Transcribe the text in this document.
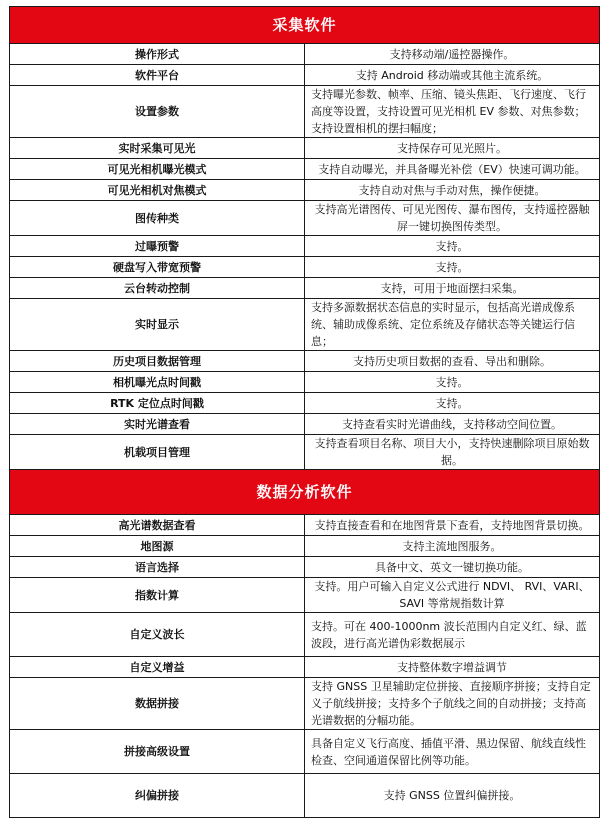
采集软件	
操作形式	支持移动端/遥控器操作。
软件平台	支持 Android 移动端或其他主流系统。
设置参数	支持曝光参数、帧率、压缩、镜头焦距、飞行速度、飞行高度等设置，支持设置可见光相机 EV 参数、对焦参数；支持设置相机的摆扫幅度；
实时采集可见光	支持保存可见光照片。
可见光相机曝光模式	支持自动曝光，并具备曝光补偿（EV）快速可调功能。
可见光相机对焦模式	支持自动对焦与手动对焦，操作便捷。
图传种类	支持高光谱图传、可见光图传、瀑布图传，支持遥控器触屏一键切换图传类型。
过曝预警	支持。
硬盘写入带宽预警	支持。
云台转动控制	支持，可用于地面摆扫采集。
实时显示	支持多源数据状态信息的实时显示，包括高光谱成像系统、辅助成像系统、定位系统及存储状态等关键运行信息；
历史项目数据管理	支持历史项目数据的查看、导出和删除。
相机曝光点时间戳	支持。
RTK 定位点时间戳	支持。
实时光谱查看	支持查看实时光谱曲线，支持移动空间位置。
机载项目管理	支持查看项目名称、项目大小，支持快速删除项目原始数据。
数据分析软件	
高光谱数据查看	支持直接查看和在地图背景下查看，支持地图背景切换。
地图源	支持主流地图服务。
语言选择	具备中文、英文一键切换功能。
指数计算	支持。用户可输入自定义公式进行 NDVI、 RVI、VARI、SAVI 等常规指数计算
自定义波长	支持。可在 400-1000nm 波长范围内自定义红、绿、蓝波段，进行高光谱伪彩数据展示
自定义增益	支持整体数字增益调节
数据拼接	支持 GNSS 卫星辅助定位拼接、直接顺序拼接；支持自定义子航线拼接；支持多个子航线之间的自动拼接；支持高光谱数据的分幅功能。
拼接高级设置	具备自定义飞行高度、插值平滑、黑边保留、航线直线性检查、空间通道保留比例等功能。
纠偏拼接	支持 GNSS 位置纠偏拼接。
